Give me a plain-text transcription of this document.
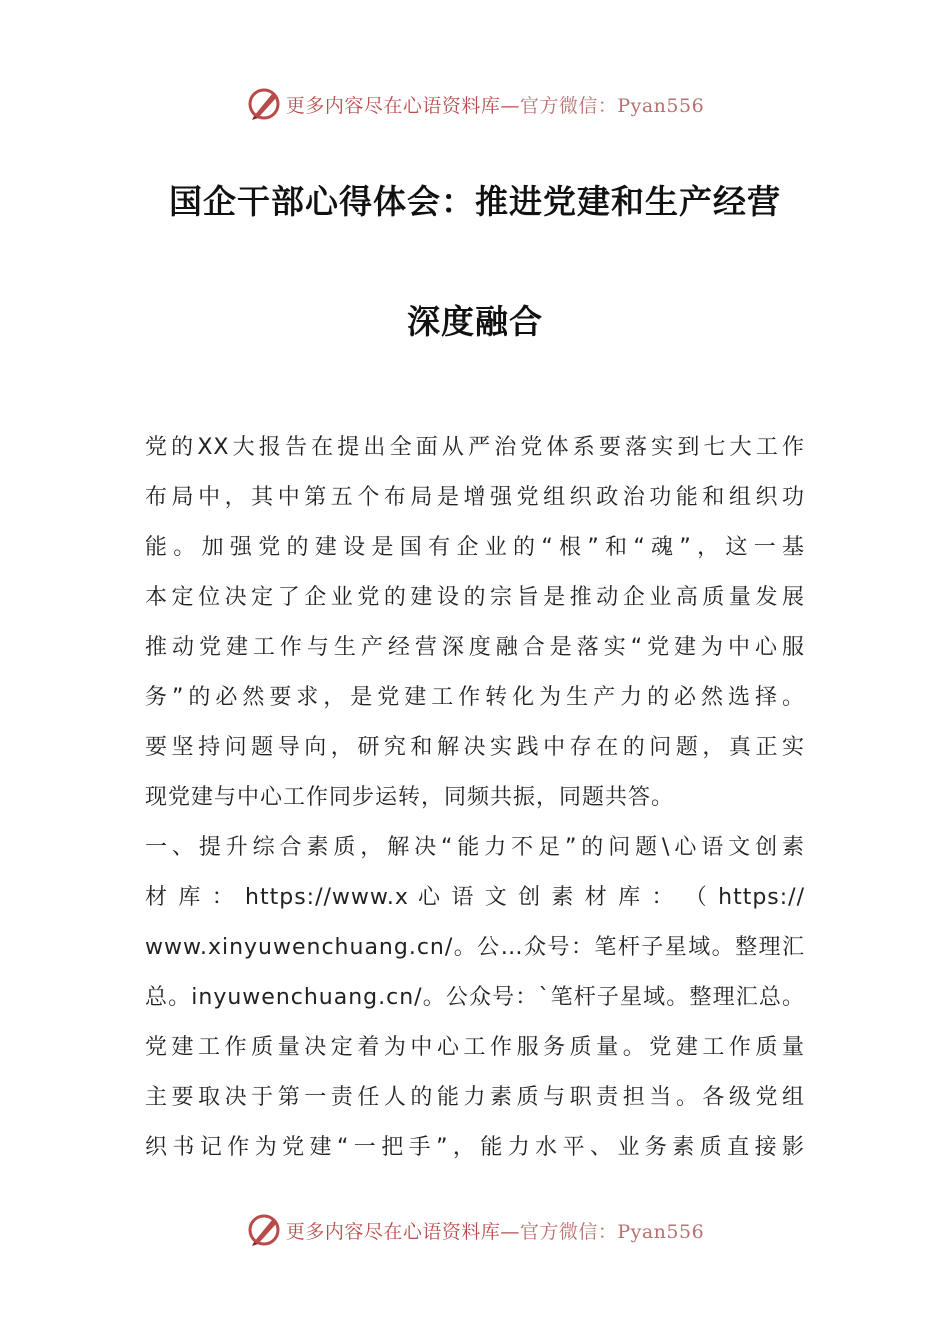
更多内容尽在心语资料库—官方微信：Pyan556
国企干部心得体会：推进党建和生产经营
深度融合
党的XX大报告在提出全面从严治党体系要落实到七大工作
布局中，其中第五个布局是增强党组织政治功能和组织功
能。加强党的建设是国有企业的“根”和“魂”，这一基
本定位决定了企业党的建设的宗旨是推动企业高质量发展
推动党建工作与生产经营深度融合是落实“党建为中心服
务”的必然要求，是党建工作转化为生产力的必然选择。
要坚持问题导向，研究和解决实践中存在的问题，真正实
现党建与中心工作同步运转，同频共振，同题共答。
一、提升综合素质，解决“能力不足”的问题\心语文创素
材 库 ： https://www.x 心 语 文 创 素 材 库 ： （ https://
www.xinyuwenchuang.cn/。公…众号：笔杆子星域。整理汇
总。inyuwenchuang.cn/。公众号：`笔杆子星域。整理汇总。
党建工作质量决定着为中心工作服务质量。党建工作质量
主要取决于第一责任人的能力素质与职责担当。各级党组
织书记作为党建“一把手”，能力水平、业务素质直接影
更多内容尽在心语资料库—官方微信：Pyan556
